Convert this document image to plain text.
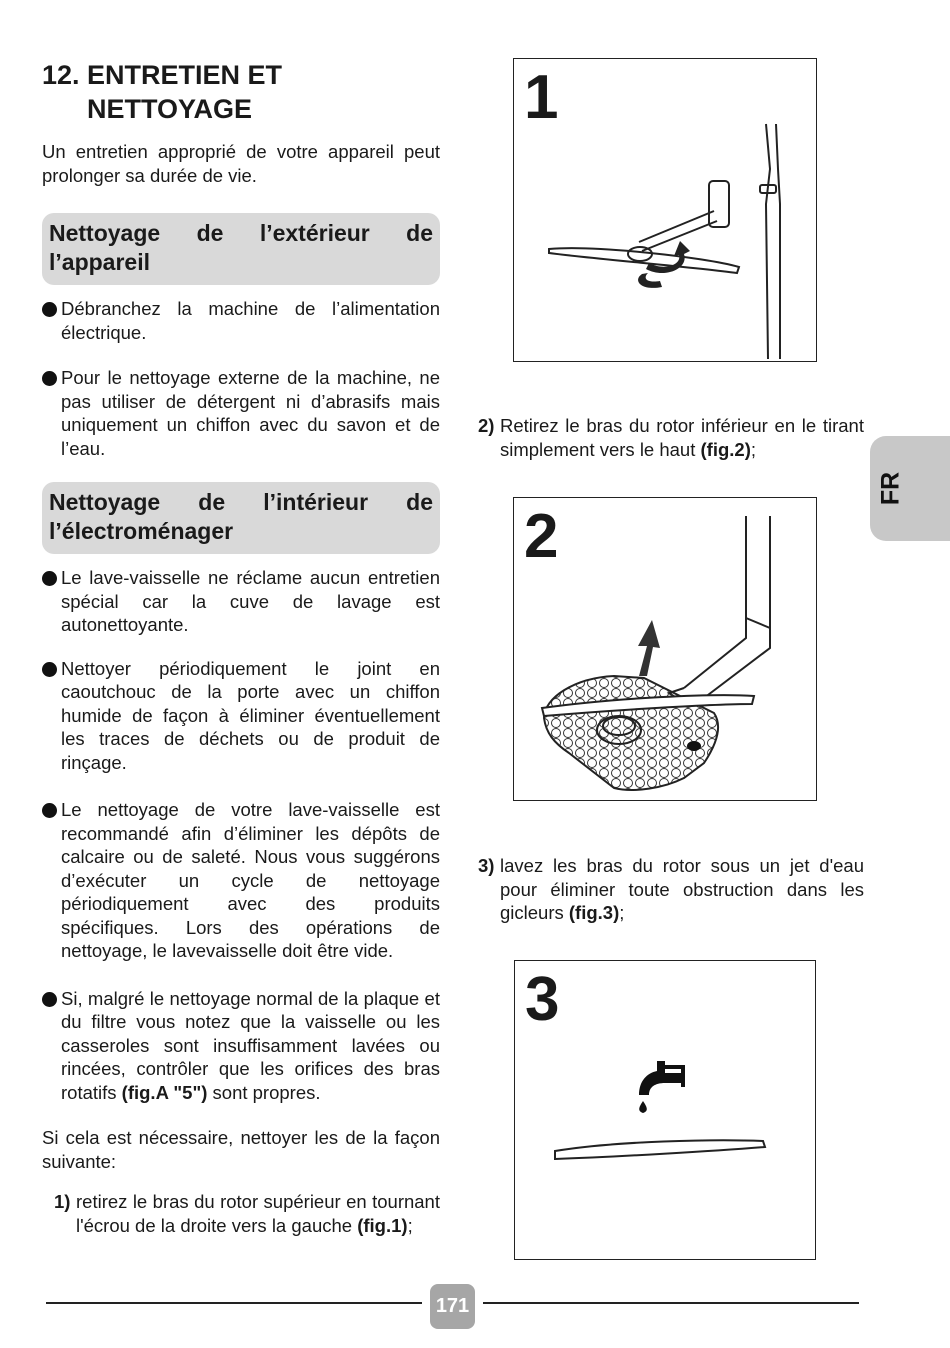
12. ENTRETIEN ET
NETTOYAGE

Un entretien approprié de votre appareil peut prolonger sa durée de vie.

Nettoyage de l’extérieur de l’appareil
Débranchez la machine de l’alimentation électrique.
Pour le nettoyage externe de la machine, ne pas utiliser de détergent ni d’abrasifs mais uniquement un chiffon avec du savon et de l’eau.
Nettoyage de l’intérieur de l’électroménager
Le lave-vaisselle ne réclame aucun entretien spécial car la cuve de lavage est autonettoyante.
Nettoyer périodiquement le joint en caoutchouc de la porte avec un chiffon humide de façon à éliminer éventuellement les traces de déchets ou de produit de rinçage.
Le nettoyage de votre lave-vaisselle est recommandé afin d’éliminer les dépôts de calcaire ou de saleté. Nous vous suggérons d’exécuter un cycle de nettoyage périodiquement avec des produits spécifiques. Lors des opérations de nettoyage, le lavevaisselle doit être vide.
Si, malgré le nettoyage normal de la plaque et du filtre vous notez que la vaisselle ou les casseroles sont insuffisamment lavées ou rincées, contrôler que les orifices des bras rotatifs (fig.A "5") sont propres.
Si cela est nécessaire, nettoyer les de la façon suivante:
1) retirez le bras du rotor supérieur en tournant l'écrou de la droite vers la gauche (fig.1);
1
2) Retirez le bras du rotor inférieur en le tirant simplement vers le haut (fig.2);
3) lavez les bras du rotor sous un jet d'eau pour éliminer toute obstruction dans les gicleurs (fig.3);
2
3
FR
171
